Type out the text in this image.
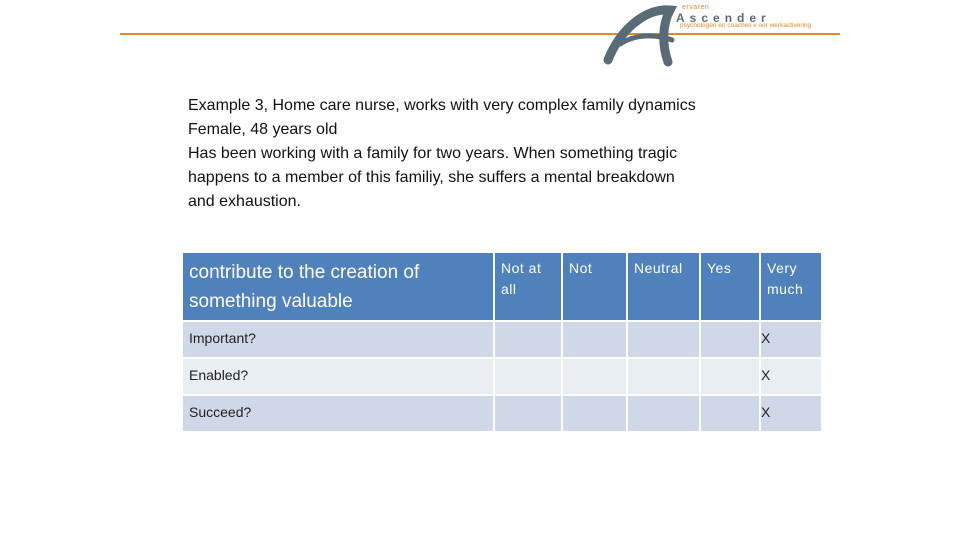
ervaren
Ascender
psychologen en coaches v oor werkactivering
Example 3, Home care nurse, works with very complex family dynamics
Female, 48 years old
Has been working with a family for two years. When something tragic
happens to a member of this familiy, she suffers a mental breakdown
and exhaustion.
contribute to the creation of something valuable	Not at all	Not	Neutral	Yes	Very much
Important?					X
Enabled?					X
Succeed?					X
